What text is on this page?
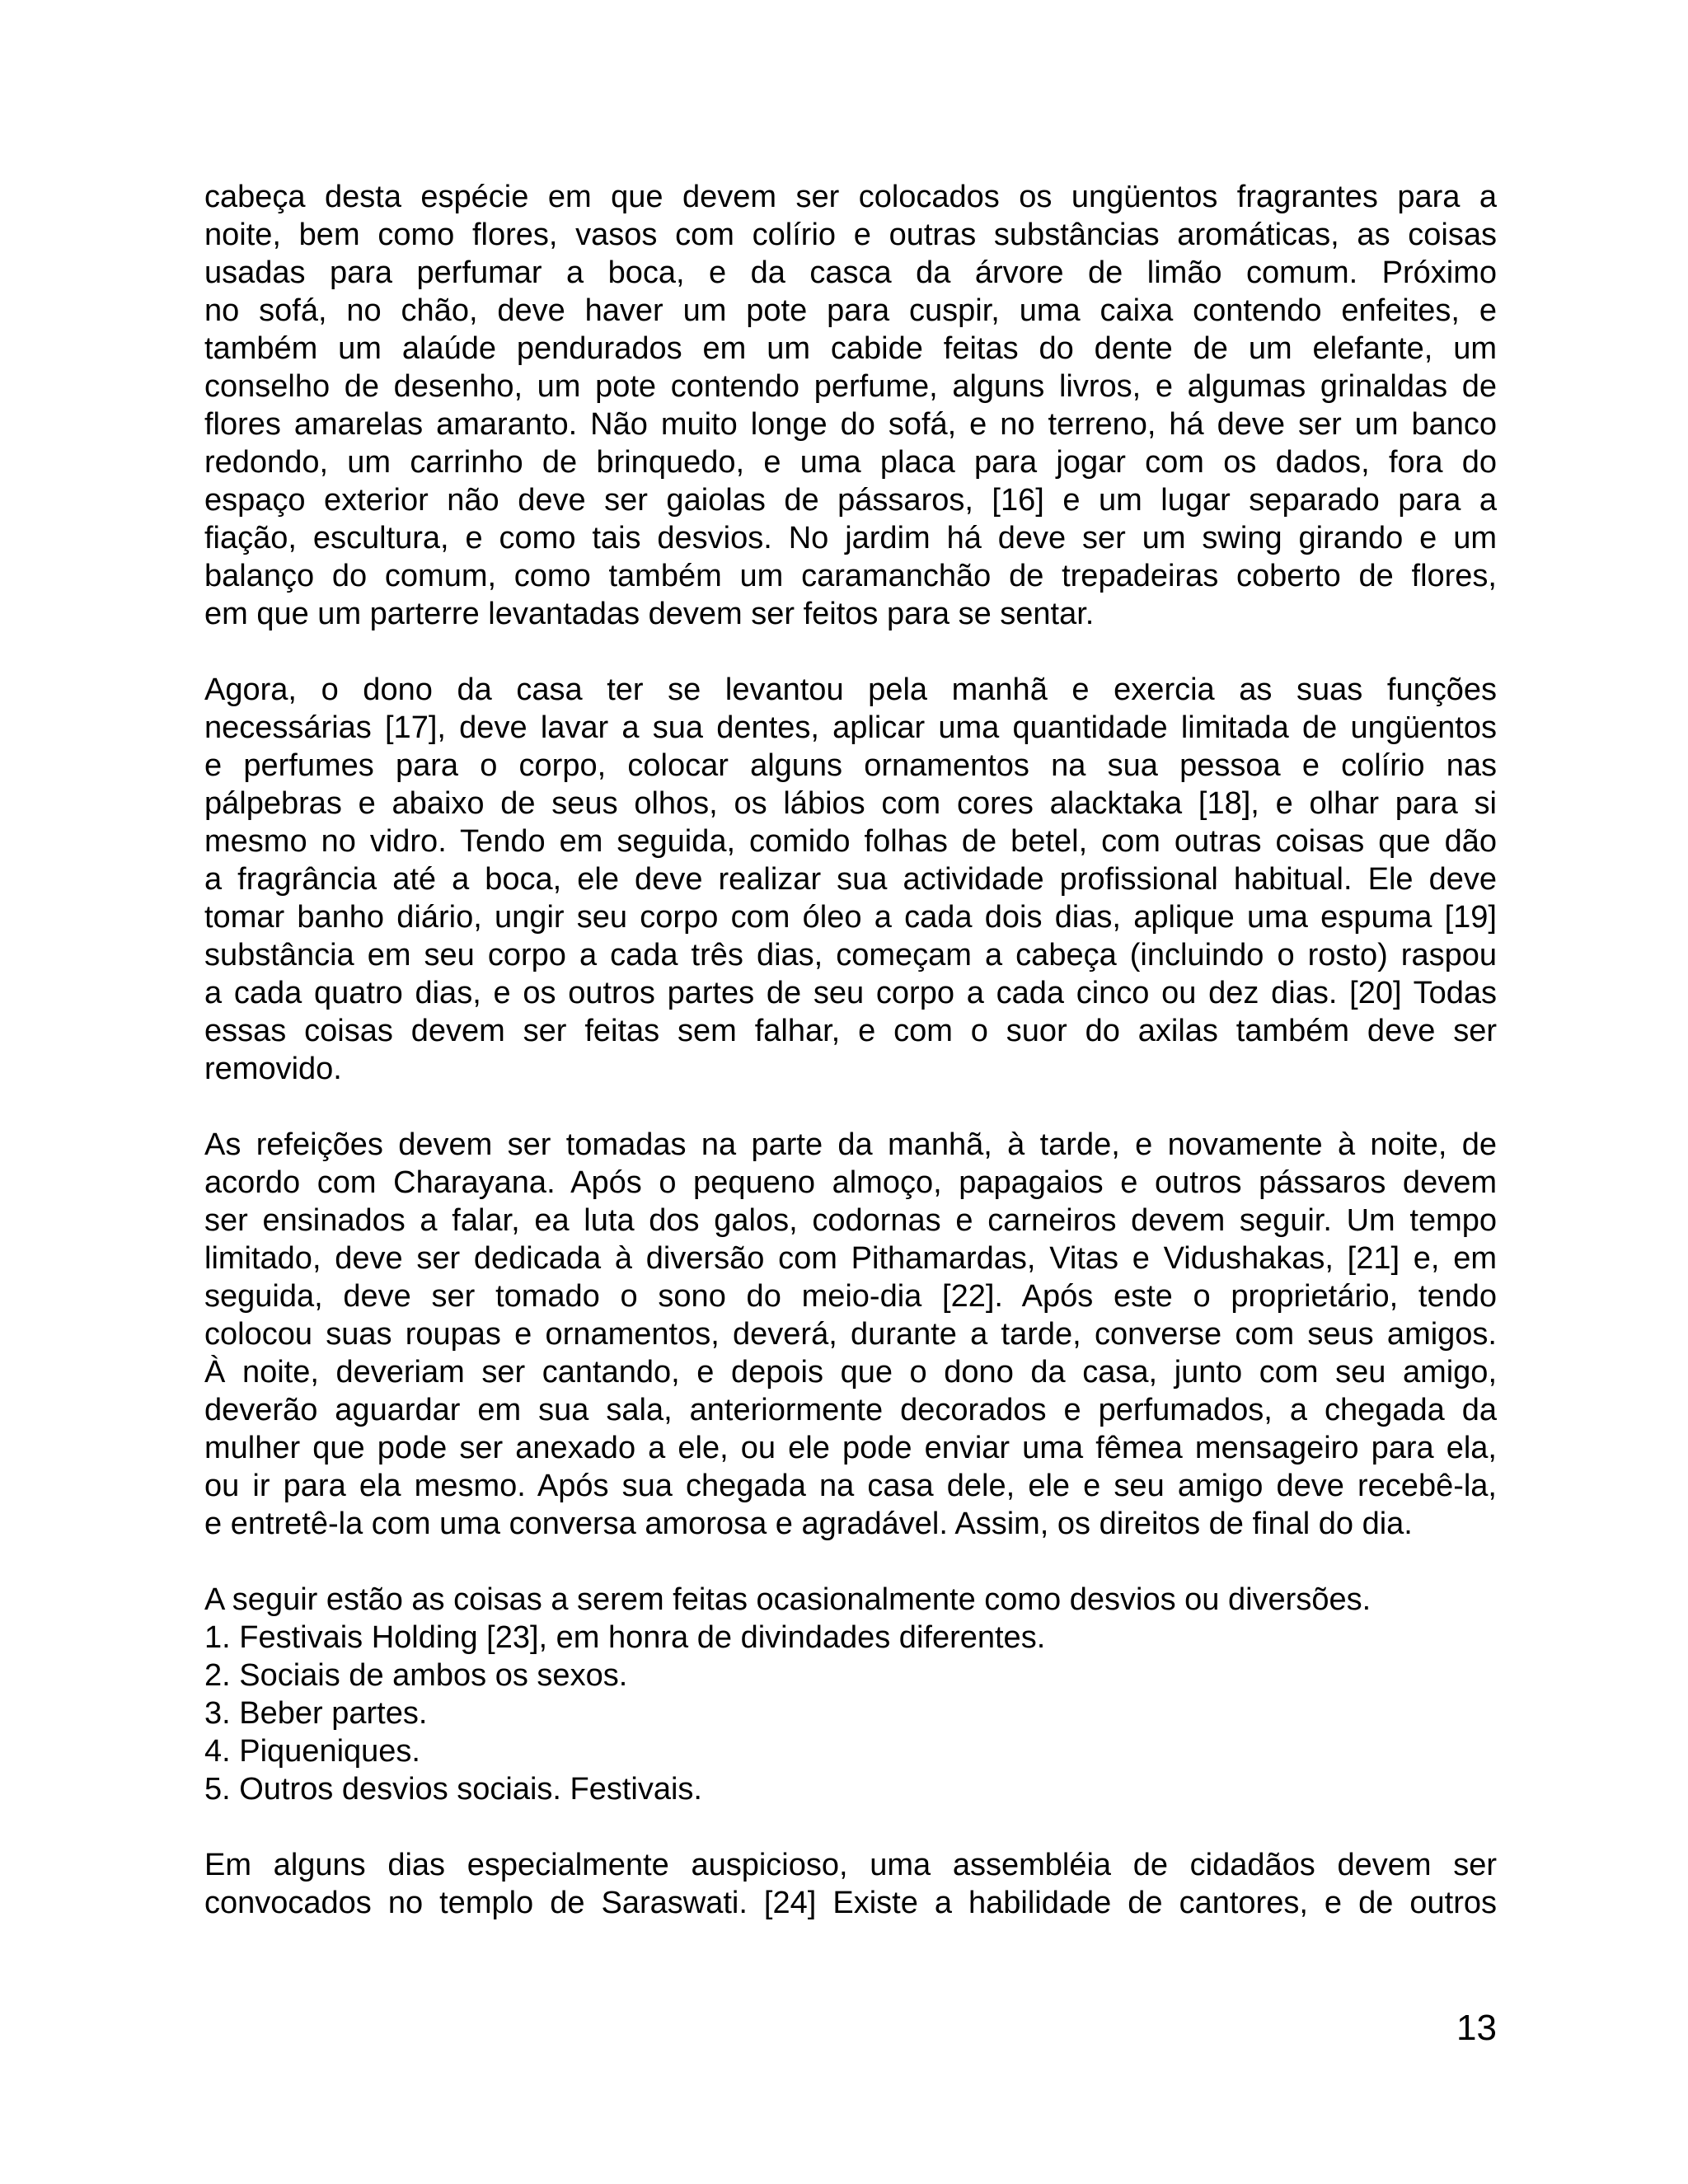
cabeça desta espécie em que devem ser colocados os ungüentos fragrantes para a
noite, bem como flores, vasos com colírio e outras substâncias aromáticas, as coisas
usadas para perfumar a boca, e da casca da árvore de limão comum. Próximo
no sofá, no chão, deve haver um pote para cuspir, uma caixa contendo enfeites, e
também um alaúde pendurados em um cabide feitas do dente de um elefante, um
conselho de desenho, um pote contendo perfume, alguns livros, e algumas grinaldas de
flores amarelas amaranto. Não muito longe do sofá, e no terreno, há deve ser um banco
redondo, um carrinho de brinquedo, e uma placa para jogar com os dados, fora do
espaço exterior não deve ser gaiolas de pássaros, [16] e um lugar separado para a
fiação, escultura, e como tais desvios. No jardim há deve ser um swing girando e um
balanço do comum, como também um caramanchão de trepadeiras coberto de flores,
em que um parterre levantadas devem ser feitos para se sentar.

Agora, o dono da casa ter se levantou pela manhã e exercia as suas funções
necessárias [17], deve lavar a sua dentes, aplicar uma quantidade limitada de ungüentos
e perfumes para o corpo, colocar alguns ornamentos na sua pessoa e colírio nas
pálpebras e abaixo de seus olhos, os lábios com cores alacktaka [18], e olhar para si
mesmo no vidro. Tendo em seguida, comido folhas de betel, com outras coisas que dão
a fragrância até a boca, ele deve realizar sua actividade profissional habitual. Ele deve
tomar banho diário, ungir seu corpo com óleo a cada dois dias, aplique uma espuma [19]
substância em seu corpo a cada três dias, começam a cabeça (incluindo o rosto) raspou
a cada quatro dias, e os outros partes de seu corpo a cada cinco ou dez dias. [20] Todas
essas coisas devem ser feitas sem falhar, e com o suor do axilas também deve ser
removido.

As refeições devem ser tomadas na parte da manhã, à tarde, e novamente à noite, de
acordo com Charayana. Após o pequeno almoço, papagaios e outros pássaros devem
ser ensinados a falar, ea luta dos galos, codornas e carneiros devem seguir. Um tempo
limitado, deve ser dedicada à diversão com Pithamardas, Vitas e Vidushakas, [21] e, em
seguida, deve ser tomado o sono do meio-dia [22]. Após este o proprietário, tendo
colocou suas roupas e ornamentos, deverá, durante a tarde, converse com seus amigos.
À noite, deveriam ser cantando, e depois que o dono da casa, junto com seu amigo,
deverão aguardar em sua sala, anteriormente decorados e perfumados, a chegada da
mulher que pode ser anexado a ele, ou ele pode enviar uma fêmea mensageiro para ela,
ou ir para ela mesmo. Após sua chegada na casa dele, ele e seu amigo deve recebê-la,
e entretê-la com uma conversa amorosa e agradável. Assim, os direitos de final do dia.

A seguir estão as coisas a serem feitas ocasionalmente como desvios ou diversões.
1. Festivais Holding [23], em honra de divindades diferentes.
2. Sociais de ambos os sexos.
3. Beber partes.
4. Piqueniques.
5. Outros desvios sociais. Festivais.

Em alguns dias especialmente auspicioso, uma assembléia de cidadãos devem ser
convocados no templo de Saraswati. [24] Existe a habilidade de cantores, e de outros

13
